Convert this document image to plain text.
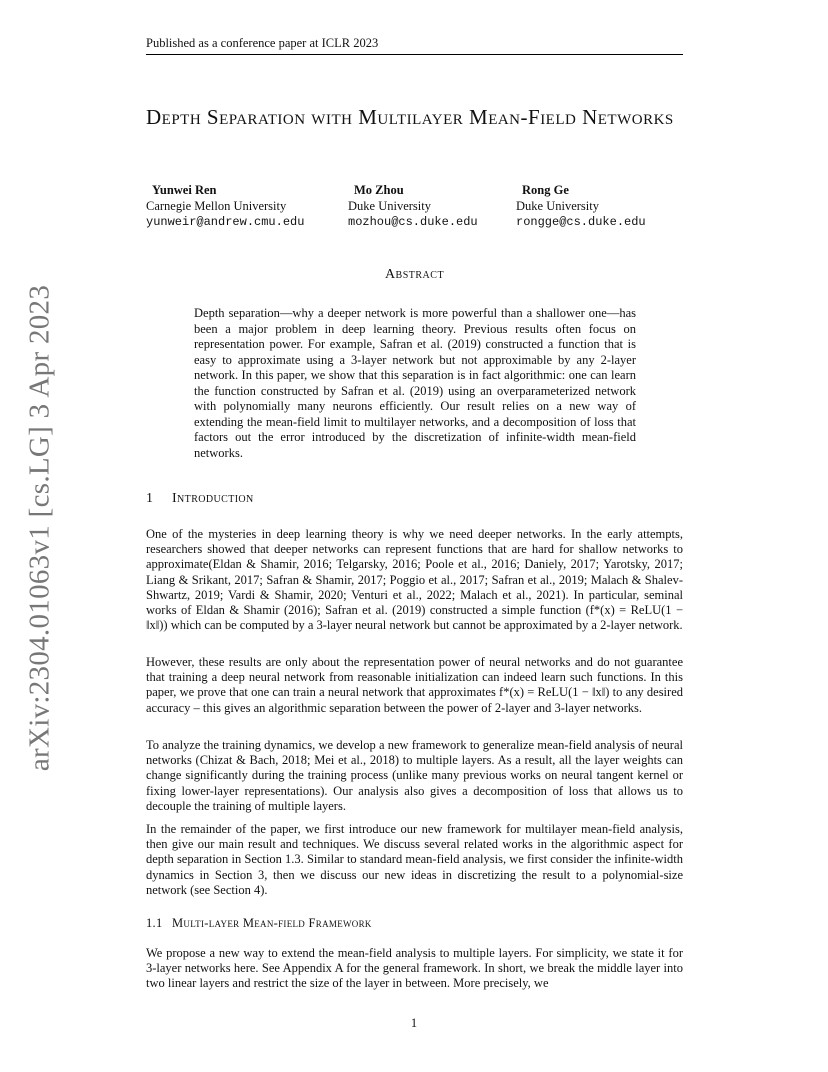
Published as a conference paper at ICLR 2023
arXiv:2304.01063v1 [cs.LG] 3 Apr 2023
Depth Separation with Multilayer Mean-Field Networks
Yunwei Ren
Carnegie Mellon University
yunweir@andrew.cmu.edu
Mo Zhou
Duke University
mozhou@cs.duke.edu
Rong Ge
Duke University
rongge@cs.duke.edu
Abstract

Depth separation—why a deeper network is more powerful than a shallower one—has been a major problem in deep learning theory. Previous results often focus on representation power. For example, Safran et al. (2019) constructed a function that is easy to approximate using a 3-layer network but not approximable by any 2-layer network. In this paper, we show that this separation is in fact algorithmic: one can learn the function constructed by Safran et al. (2019) using an overparameterized network with polynomially many neurons efficiently. Our result relies on a new way of extending the mean-field limit to multilayer networks, and a decomposition of loss that factors out the error introduced by the discretization of infinite-width mean-field networks.

1 Introduction

One of the mysteries in deep learning theory is why we need deeper networks. In the early attempts, researchers showed that deeper networks can represent functions that are hard for shallow networks to approximate(Eldan & Shamir, 2016; Telgarsky, 2016; Poole et al., 2016; Daniely, 2017; Yarotsky, 2017; Liang & Srikant, 2017; Safran & Shamir, 2017; Poggio et al., 2017; Safran et al., 2019; Malach & Shalev-Shwartz, 2019; Vardi & Shamir, 2020; Venturi et al., 2022; Malach et al., 2021). In particular, seminal works of Eldan & Shamir (2016); Safran et al. (2019) constructed a simple function (f*(x) = ReLU(1 − ‖x‖)) which can be computed by a 3-layer neural network but cannot be approximated by a 2-layer network.

However, these results are only about the representation power of neural networks and do not guarantee that training a deep neural network from reasonable initialization can indeed learn such functions. In this paper, we prove that one can train a neural network that approximates f*(x) = ReLU(1 − ‖x‖) to any desired accuracy – this gives an algorithmic separation between the power of 2-layer and 3-layer networks.

To analyze the training dynamics, we develop a new framework to generalize mean-field analysis of neural networks (Chizat & Bach, 2018; Mei et al., 2018) to multiple layers. As a result, all the layer weights can change significantly during the training process (unlike many previous works on neural tangent kernel or fixing lower-layer representations). Our analysis also gives a decomposition of loss that allows us to decouple the training of multiple layers.

In the remainder of the paper, we first introduce our new framework for multilayer mean-field analysis, then give our main result and techniques. We discuss several related works in the algorithmic aspect for depth separation in Section 1.3. Similar to standard mean-field analysis, we first consider the infinite-width dynamics in Section 3, then we discuss our new ideas in discretizing the result to a polynomial-size network (see Section 4).

1.1 Multi-layer Mean-field Framework

We propose a new way to extend the mean-field analysis to multiple layers. For simplicity, we state it for 3-layer networks here. See Appendix A for the general framework. In short, we break the middle layer into two linear layers and restrict the size of the layer in between. More precisely, we

1
